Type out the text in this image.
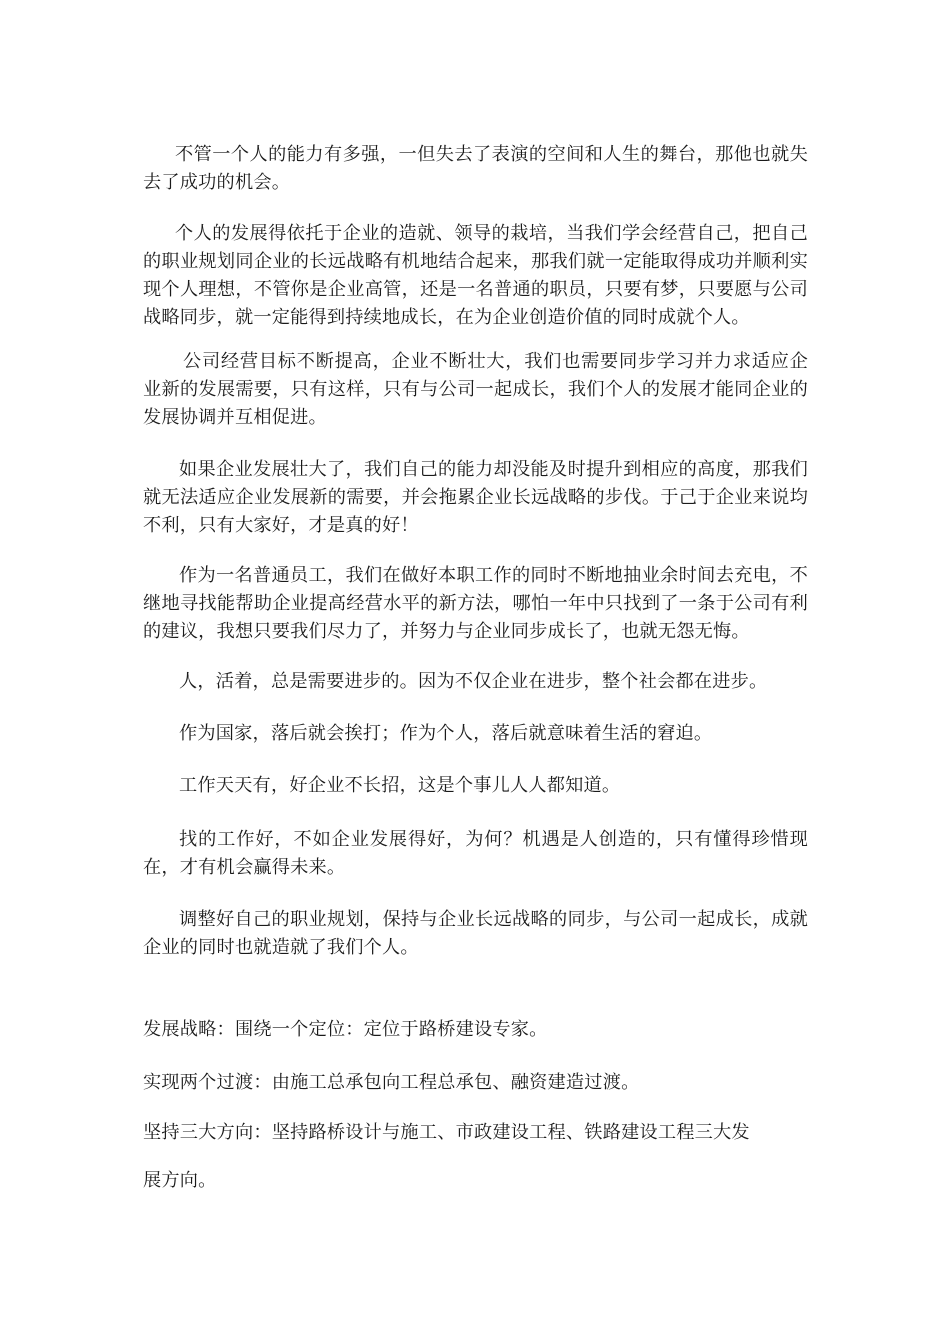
不管一个人的能力有多强，一但失去了表演的空间和人生的舞台，那他也就失去了成功的机会。

个人的发展得依托于企业的造就、领导的栽培，当我们学会经营自己，把自己的职业规划同企业的长远战略有机地结合起来，那我们就一定能取得成功并顺利实现个人理想，不管你是企业高管，还是一名普通的职员，只要有梦，只要愿与公司战略同步，就一定能得到持续地成长，在为企业创造价值的同时成就个人。

公司经营目标不断提高，企业不断壮大，我们也需要同步学习并力求适应企业新的发展需要，只有这样，只有与公司一起成长，我们个人的发展才能同企业的发展协调并互相促进。

如果企业发展壮大了，我们自己的能力却没能及时提升到相应的高度，那我们就无法适应企业发展新的需要，并会拖累企业长远战略的步伐。于己于企业来说均不利，只有大家好，才是真的好！

作为一名普通员工，我们在做好本职工作的同时不断地抽业余时间去充电，不继地寻找能帮助企业提高经营水平的新方法，哪怕一年中只找到了一条于公司有利的建议，我想只要我们尽力了，并努力与企业同步成长了，也就无怨无悔。

人，活着，总是需要进步的。因为不仅企业在进步，整个社会都在进步。

作为国家，落后就会挨打；作为个人，落后就意味着生活的窘迫。

工作天天有，好企业不长招，这是个事儿人人都知道。

找的工作好，不如企业发展得好，为何？机遇是人创造的，只有懂得珍惜现在，才有机会赢得未来。

调整好自己的职业规划，保持与企业长远战略的同步，与公司一起成长，成就企业的同时也就造就了我们个人。

发展战略：围绕一个定位：定位于路桥建设专家。

实现两个过渡：由施工总承包向工程总承包、融资建造过渡。

坚持三大方向：坚持路桥设计与施工、市政建设工程、铁路建设工程三大发

展方向。
